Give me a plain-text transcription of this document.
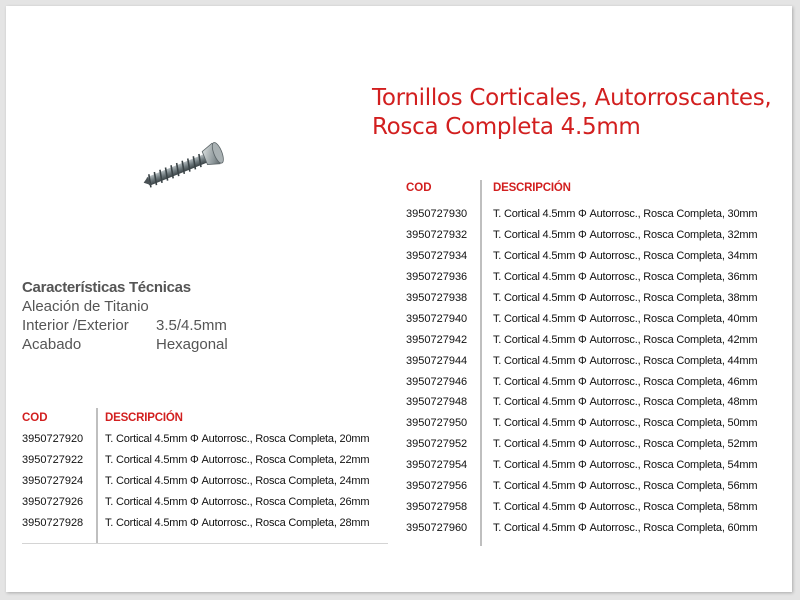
Tornillos Corticales, Autorroscantes,
Rosca Completa 4.5mm
Características Técnicas
Aleación de Titanio
Interior /Exterior	3.5/4.5mm
Acabado	Hexagonal
COD	DESCRIPCIÓN
3950727920	T. Cortical 4.5mm Φ Autorrosc., Rosca Completa, 20mm
3950727922	T. Cortical 4.5mm Φ Autorrosc., Rosca Completa, 22mm
3950727924	T. Cortical 4.5mm Φ Autorrosc., Rosca Completa, 24mm
3950727926	T. Cortical 4.5mm Φ Autorrosc., Rosca Completa, 26mm
3950727928	T. Cortical 4.5mm Φ Autorrosc., Rosca Completa, 28mm
COD	DESCRIPCIÓN
3950727930	T. Cortical 4.5mm Φ Autorrosc., Rosca Completa, 30mm
3950727932	T. Cortical 4.5mm Φ Autorrosc., Rosca Completa, 32mm
3950727934	T. Cortical 4.5mm Φ Autorrosc., Rosca Completa, 34mm
3950727936	T. Cortical 4.5mm Φ Autorrosc., Rosca Completa, 36mm
3950727938	T. Cortical 4.5mm Φ Autorrosc., Rosca Completa, 38mm
3950727940	T. Cortical 4.5mm Φ Autorrosc., Rosca Completa, 40mm
3950727942	T. Cortical 4.5mm Φ Autorrosc., Rosca Completa, 42mm
3950727944	T. Cortical 4.5mm Φ Autorrosc., Rosca Completa, 44mm
3950727946	T. Cortical 4.5mm Φ Autorrosc., Rosca Completa, 46mm
3950727948	T. Cortical 4.5mm Φ Autorrosc., Rosca Completa, 48mm
3950727950	T. Cortical 4.5mm Φ Autorrosc., Rosca Completa, 50mm
3950727952	T. Cortical 4.5mm Φ Autorrosc., Rosca Completa, 52mm
3950727954	T. Cortical 4.5mm Φ Autorrosc., Rosca Completa, 54mm
3950727956	T. Cortical 4.5mm Φ Autorrosc., Rosca Completa, 56mm
3950727958	T. Cortical 4.5mm Φ Autorrosc., Rosca Completa, 58mm
3950727960	T. Cortical 4.5mm Φ Autorrosc., Rosca Completa, 60mm
